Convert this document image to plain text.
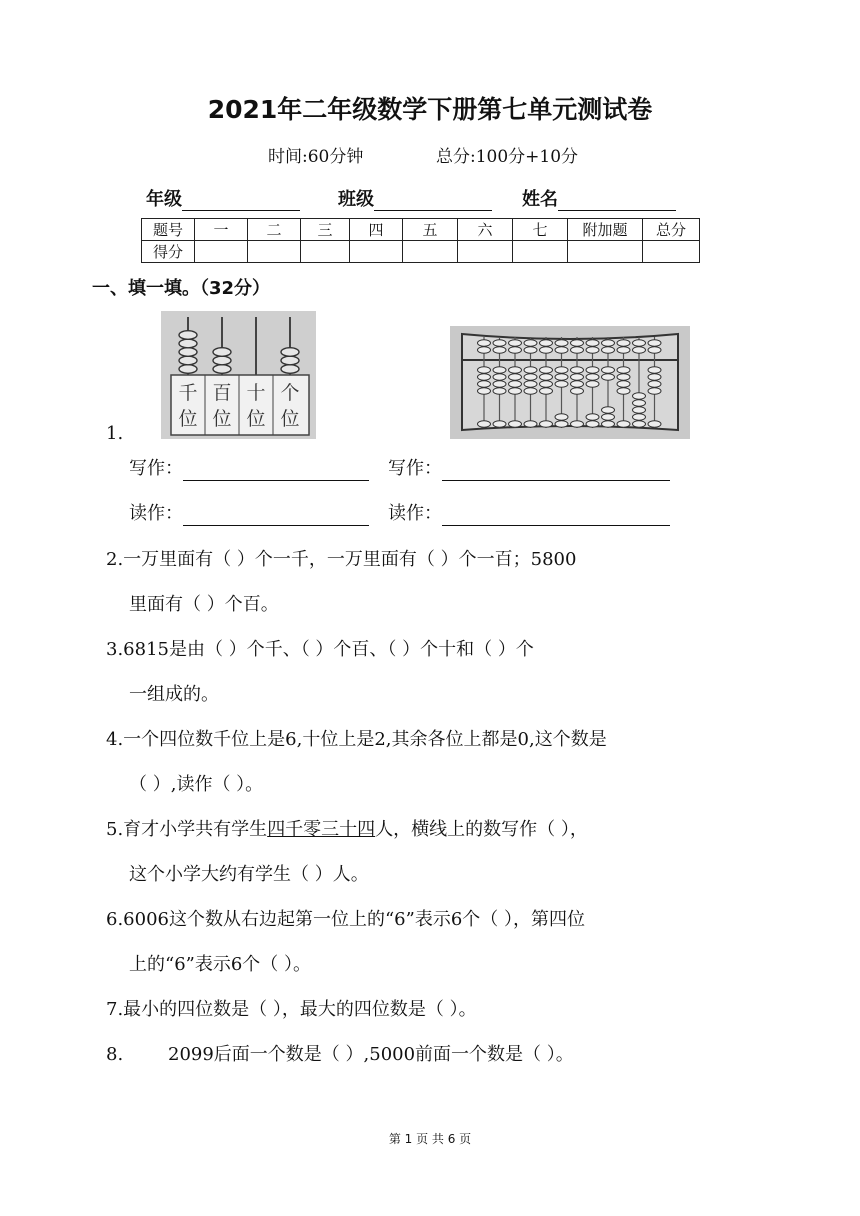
2021年二年级数学下册第七单元测试卷
时间:60分钟	总分:100分+10分
年级	班级	姓名
题号	一	二	三	四	五	六	七	附加题	总分
得分									
一、填一填。（32分）
千
位
百
位
十
位
个
位
1.
写作：	写作：
读作：	读作：
2.一万里面有（ ）个一千，一万里面有（ ）个一百；5800
里面有（ ）个百。
3.6815是由（ ）个千、（ ）个百、（ ）个十和（ ）个
一组成的。
4.一个四位数千位上是6,十位上是2,其余各位上都是0,这个数是
（ ）,读作（ ）。
5.育才小学共有学生四千零三十四人，横线上的数写作（ ），
这个小学大约有学生（ ）人。
6.6006这个数从右边起第一位上的“6”表示6个（ ），第四位
上的“6”表示6个（ ）。
7.最小的四位数是（ ），最大的四位数是（ ）。
8. 2099后面一个数是（ ）,5000前面一个数是（ ）。
第 1 页 共 6 页
